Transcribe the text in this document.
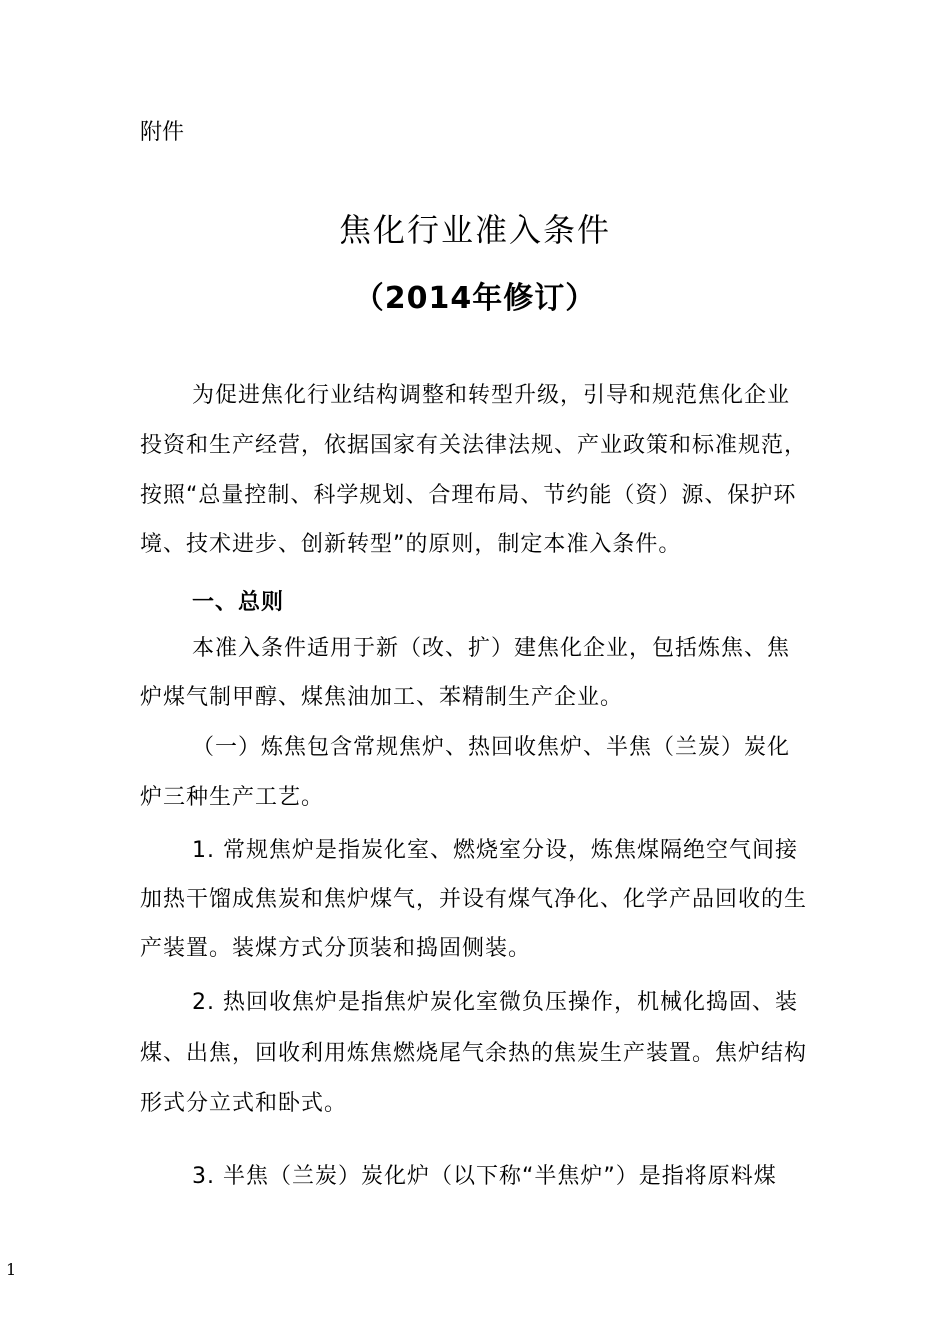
附件

焦化行业准入条件
（2014年修订）

为促进焦化行业结构调整和转型升级，引导和规范焦化企业

投资和生产经营，依据国家有关法律法规、产业政策和标准规范，

按照“总量控制、科学规划、合理布局、节约能（资）源、保护环

境、技术进步、创新转型”的原则，制定本准入条件。

一、总则

本准入条件适用于新（改、扩）建焦化企业，包括炼焦、焦

炉煤气制甲醇、煤焦油加工、苯精制生产企业。

（一）炼焦包含常规焦炉、热回收焦炉、半焦（兰炭）炭化

炉三种生产工艺。

1. 常规焦炉是指炭化室、燃烧室分设，炼焦煤隔绝空气间接

加热干馏成焦炭和焦炉煤气，并设有煤气净化、化学产品回收的生

产装置。装煤方式分顶装和捣固侧装。

2. 热回收焦炉是指焦炉炭化室微负压操作，机械化捣固、装

煤、出焦，回收利用炼焦燃烧尾气余热的焦炭生产装置。焦炉结构

形式分立式和卧式。

3. 半焦（兰炭）炭化炉（以下称“半焦炉”）是指将原料煤

1
